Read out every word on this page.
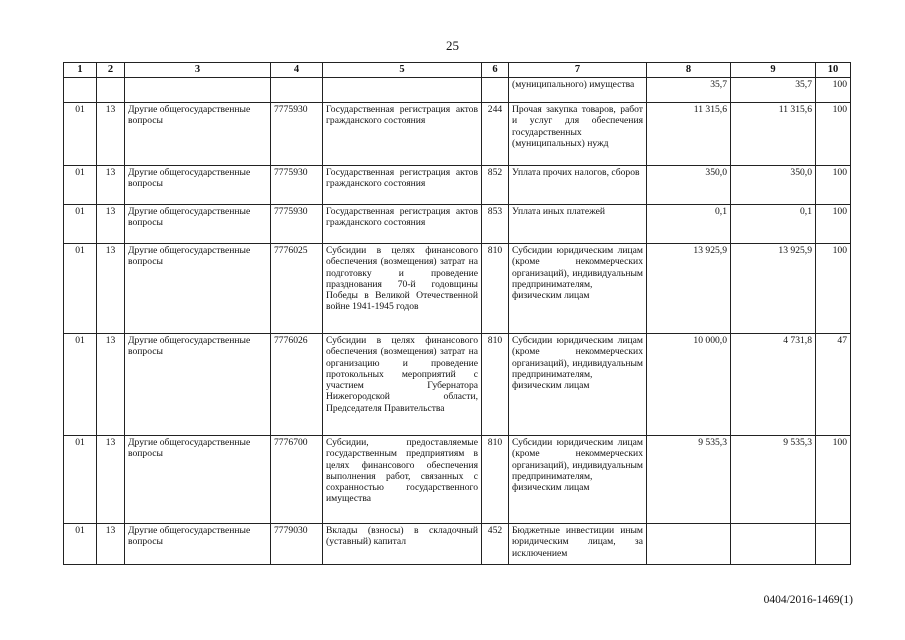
25
1	2	3	4	5	6	7	8	9	10
						(муниципального) имущества	35,7	35,7	100
01	13	Другие общегосударственные вопросы	7775930	Государственная регистрация актов гражданского состояния	244	Прочая закупка товаров, работ и услуг для обеспечения государственных (муниципальных) нужд	11 315,6	11 315,6	100
01	13	Другие общегосударственные вопросы	7775930	Государственная регистрация актов гражданского состояния	852	Уплата прочих налогов, сборов	350,0	350,0	100
01	13	Другие общегосударственные вопросы	7775930	Государственная регистрация актов гражданского состояния	853	Уплата иных платежей	0,1	0,1	100
01	13	Другие общегосударственные вопросы	7776025	Субсидии в целях финансового обеспечения (возмещения) затрат на подготовку и проведение празднования 70-й годовщины Победы в Великой Отечественной войне 1941-1945 годов	810	Субсидии юридическим лицам (кроме некоммерческих организаций), индивидуальным предпринимателям, физическим лицам	13 925,9	13 925,9	100
01	13	Другие общегосударственные вопросы	7776026	Субсидии в целях финансового обеспечения (возмещения) затрат на организацию и проведение протокольных мероприятий с участием Губернатора Нижегородской области, Председателя Правительства	810	Субсидии юридическим лицам (кроме некоммерческих организаций), индивидуальным предпринимателям, физическим лицам	10 000,0	4 731,8	47
01	13	Другие общегосударственные вопросы	7776700	Субсидии, предоставляемые государственным предприятиям в целях финансового обеспечения выполнения работ, связанных с сохранностью государственного имущества	810	Субсидии юридическим лицам (кроме некоммерческих организаций), индивидуальным предпринимателям, физическим лицам	9 535,3	9 535,3	100
01	13	Другие общегосударственные вопросы	7779030	Вклады (взносы) в складочный (уставный) капитал	452	Бюджетные инвестиции иным юридическим лицам, за исключением			
0404/2016-1469(1)
